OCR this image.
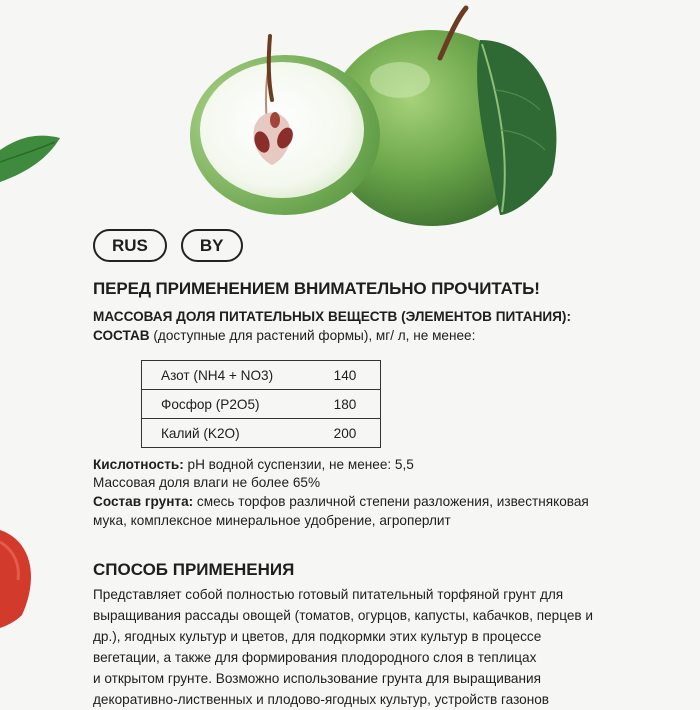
RUS	BY
ПЕРЕД ПРИМЕНЕНИЕМ ВНИМАТЕЛЬНО ПРОЧИТАТЬ!
МАССОВАЯ ДОЛЯ ПИТАТЕЛЬНЫХ ВЕЩЕСТВ (ЭЛЕМЕНТОВ ПИТАНИЯ):
СОСТАВ (доступные для растений формы), мг/ л, не менее:
Азот (NH4 + NO3)	140
Фосфор (P2O5)	180
Калий (K2O)	200
Кислотность: pH водной суспензии, не менее: 5,5
Массовая доля влаги не более 65%
Состав грунта: смесь торфов различной степени разложения, известняковая
мука, комплексное минеральное удобрение, агроперлит
СПОСОБ ПРИМЕНЕНИЯ
Представляет собой полностью готовый питательный торфяной грунт для
выращивания рассады овощей (томатов, огурцов, капусты, кабачков, перцев и
др.), ягодных культур и цветов, для подкормки этих культур в процессе
вегетации, а также для формирования плодородного слоя в теплицах
и открытом грунте. Возможно использование грунта для выращивания
декоративно-лиственных и плодово-ягодных культур, устройств газонов
